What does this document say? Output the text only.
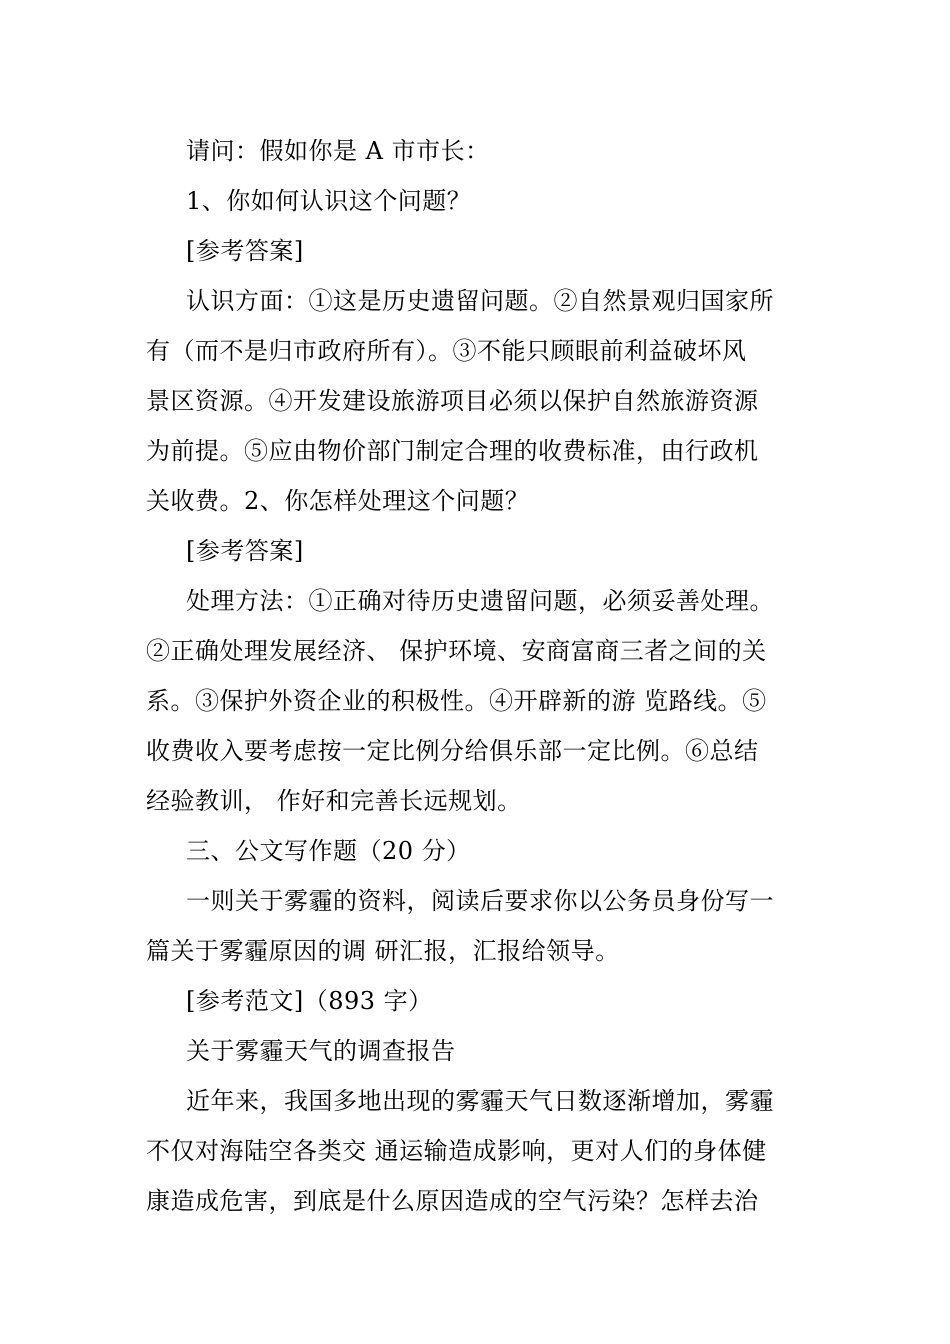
请问：假如你是 A 市市长：
1、你如何认识这个问题？
[参考答案]
认识方面：①这是历史遗留问题。②自然景观归国家所
有（而不是归市政府所有）。③不能只顾眼前利益破坏风
景区资源。④开发建设旅游项目必须以保护自然旅游资源
为前提。⑤应由物价部门制定合理的收费标准，由行政机
关收费。2、你怎样处理这个问题？
[参考答案]
处理方法：①正确对待历史遗留问题，必须妥善处理。
②正确处理发展经济、 保护环境、安商富商三者之间的关
系。③保护外资企业的积极性。④开辟新的游 览路线。⑤
收费收入要考虑按一定比例分给俱乐部一定比例。⑥总结
经验教训， 作好和完善长远规划。
三、公文写作题（20 分）
一则关于雾霾的资料，阅读后要求你以公务员身份写一
篇关于雾霾原因的调 研汇报，汇报给领导。
[参考范文]（893 字）
关于雾霾天气的调查报告
近年来，我国多地出现的雾霾天气日数逐渐增加，雾霾
不仅对海陆空各类交 通运输造成影响，更对人们的身体健
康造成危害，到底是什么原因造成的空气污染？怎样去治
